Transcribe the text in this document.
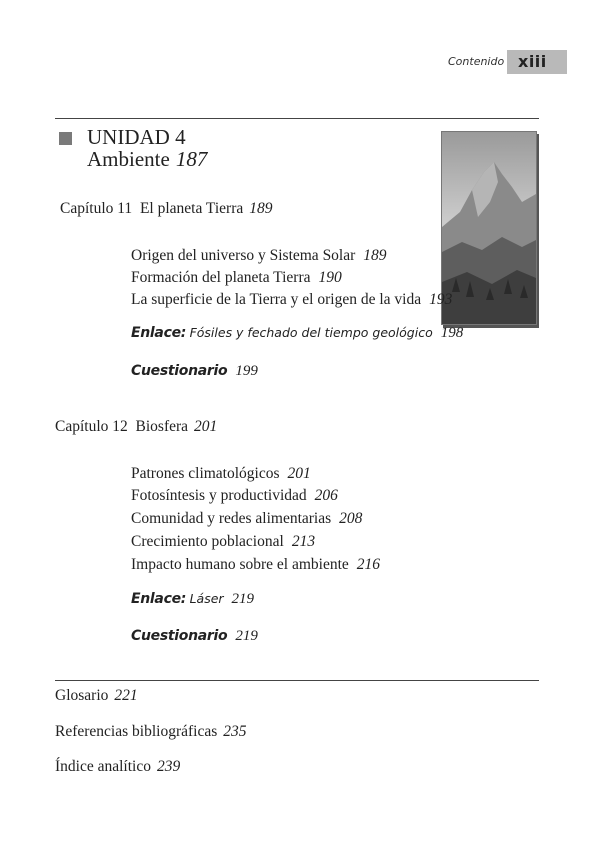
Contenido xiii
UNIDAD 4
Ambiente 187
Capítulo 11 El planeta Tierra 189
Origen del universo y Sistema Solar 189
Formación del planeta Tierra 190
La superficie de la Tierra y el origen de la vida 193
Enlace: Fósiles y fechado del tiempo geológico 198
Cuestionario 199
Capítulo 12 Biosfera 201
Patrones climatológicos 201
Fotosíntesis y productividad 206
Comunidad y redes alimentarias 208
Crecimiento poblacional 213
Impacto humano sobre el ambiente 216
Enlace: Láser 219
Cuestionario 219
Glosario 221
Referencias bibliográficas 235
Índice analítico 239
